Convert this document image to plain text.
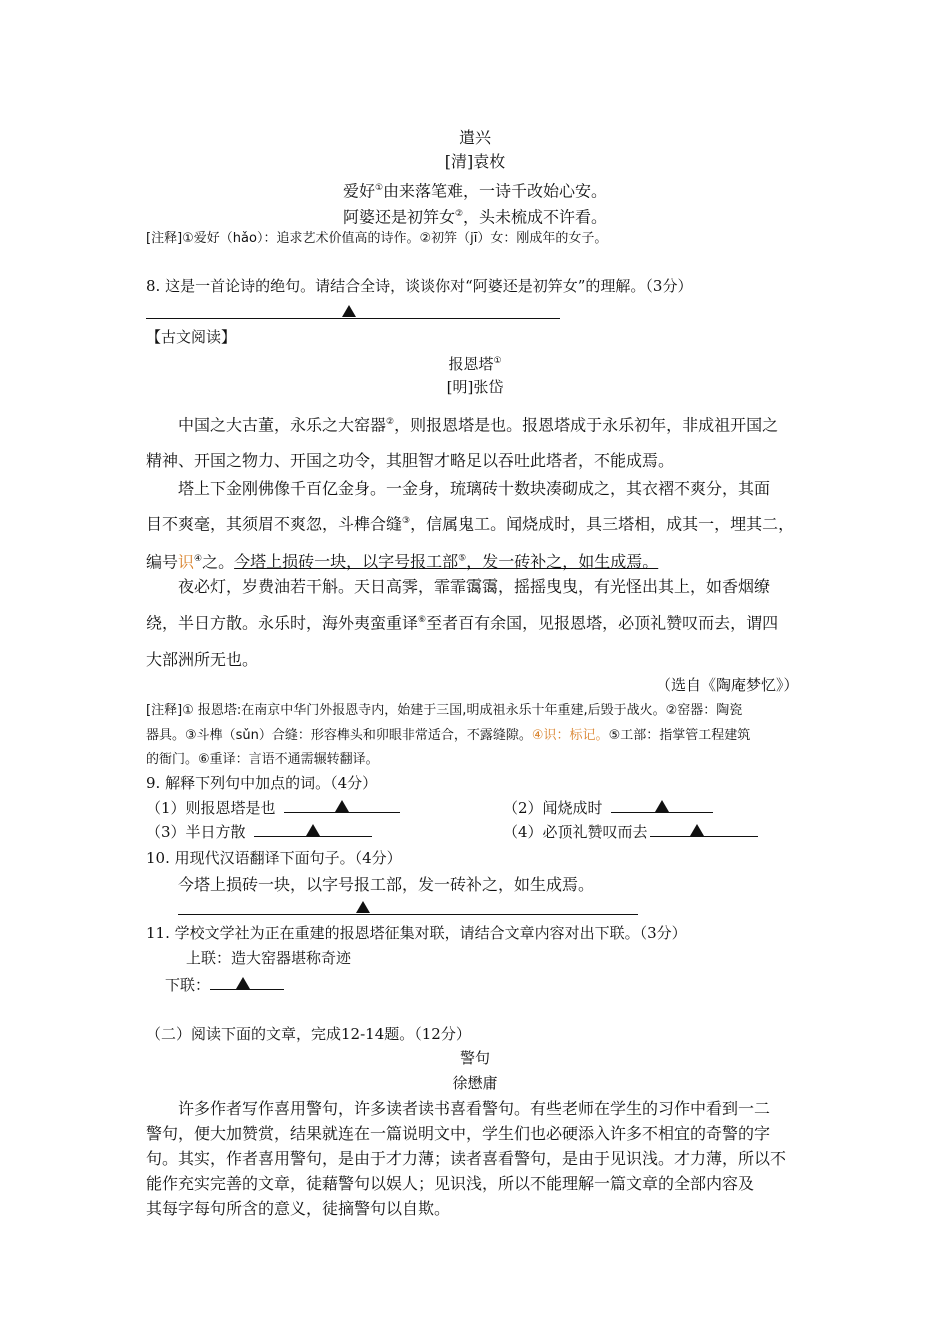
遣兴
[清]袁枚
爱好①由来落笔难，一诗千改始心安。
阿婆还是初笄女②，头未梳成不许看。
[注释]①爱好（hǎo）：追求艺术价值高的诗作。②初笄（jī）女：刚成年的女子。
8. 这是一首论诗的绝句。请结合全诗，谈谈你对“阿婆还是初笄女”的理解。（3分）
【古文阅读】
报恩塔①
[明]张岱
中国之大古董，永乐之大窑器②，则报恩塔是也。报恩塔成于永乐初年，非成祖开国之
精神、开国之物力、开国之功令，其胆智才略足以吞吐此塔者，不能成焉。
塔上下金刚佛像千百亿金身。一金身，琉璃砖十数块凑砌成之，其衣褶不爽分，其面
目不爽毫，其须眉不爽忽，斗榫合缝③，信属鬼工。闻烧成时，具三塔相，成其一，埋其二，
编号识④之。今塔上损砖一块，以字号报工部⑤，发一砖补之，如生成焉。
夜必灯，岁费油若干斛。天日高霁，霏霏霭霭，摇摇曳曳，有光怪出其上，如香烟缭
绕，半日方散。永乐时，海外夷蛮重译⑥至者百有余国，见报恩塔，必顶礼赞叹而去，谓四
大部洲所无也。
（选自《陶庵梦忆》）
[注释]① 报恩塔:在南京中华门外报恩寺内，始建于三国,明成祖永乐十年重建,后毁于战火。②窑器：陶瓷
器具。③斗榫（sǔn）合缝：形容榫头和卯眼非常适合，不露缝隙。④识：标记。⑤工部：指掌管工程建筑
的衙门。⑥重译：言语不通需辗转翻译。
9. 解释下列句中加点的词。（4分）
（1）则报恩塔是也	（2）闻烧成时
（3）半日方散	（4）必顶礼赞叹而去
10. 用现代汉语翻译下面句子。（4分）
今塔上损砖一块，以字号报工部，发一砖补之，如生成焉。
11. 学校文学社为正在重建的报恩塔征集对联，请结合文章内容对出下联。（3分）
上联：造大窑器堪称奇迹
下联：
（二）阅读下面的文章，完成12-14题。（12分）
警句
徐懋庸
许多作者写作喜用警句，许多读者读书喜看警句。有些老师在学生的习作中看到一二
警句，便大加赞赏，结果就连在一篇说明文中，学生们也必硬添入许多不相宜的奇警的字
句。其实，作者喜用警句，是由于才力薄；读者喜看警句，是由于见识浅。才力薄，所以不
能作充实完善的文章，徒藉警句以娱人；见识浅，所以不能理解一篇文章的全部内容及
其每字每句所含的意义，徒摘警句以自欺。
